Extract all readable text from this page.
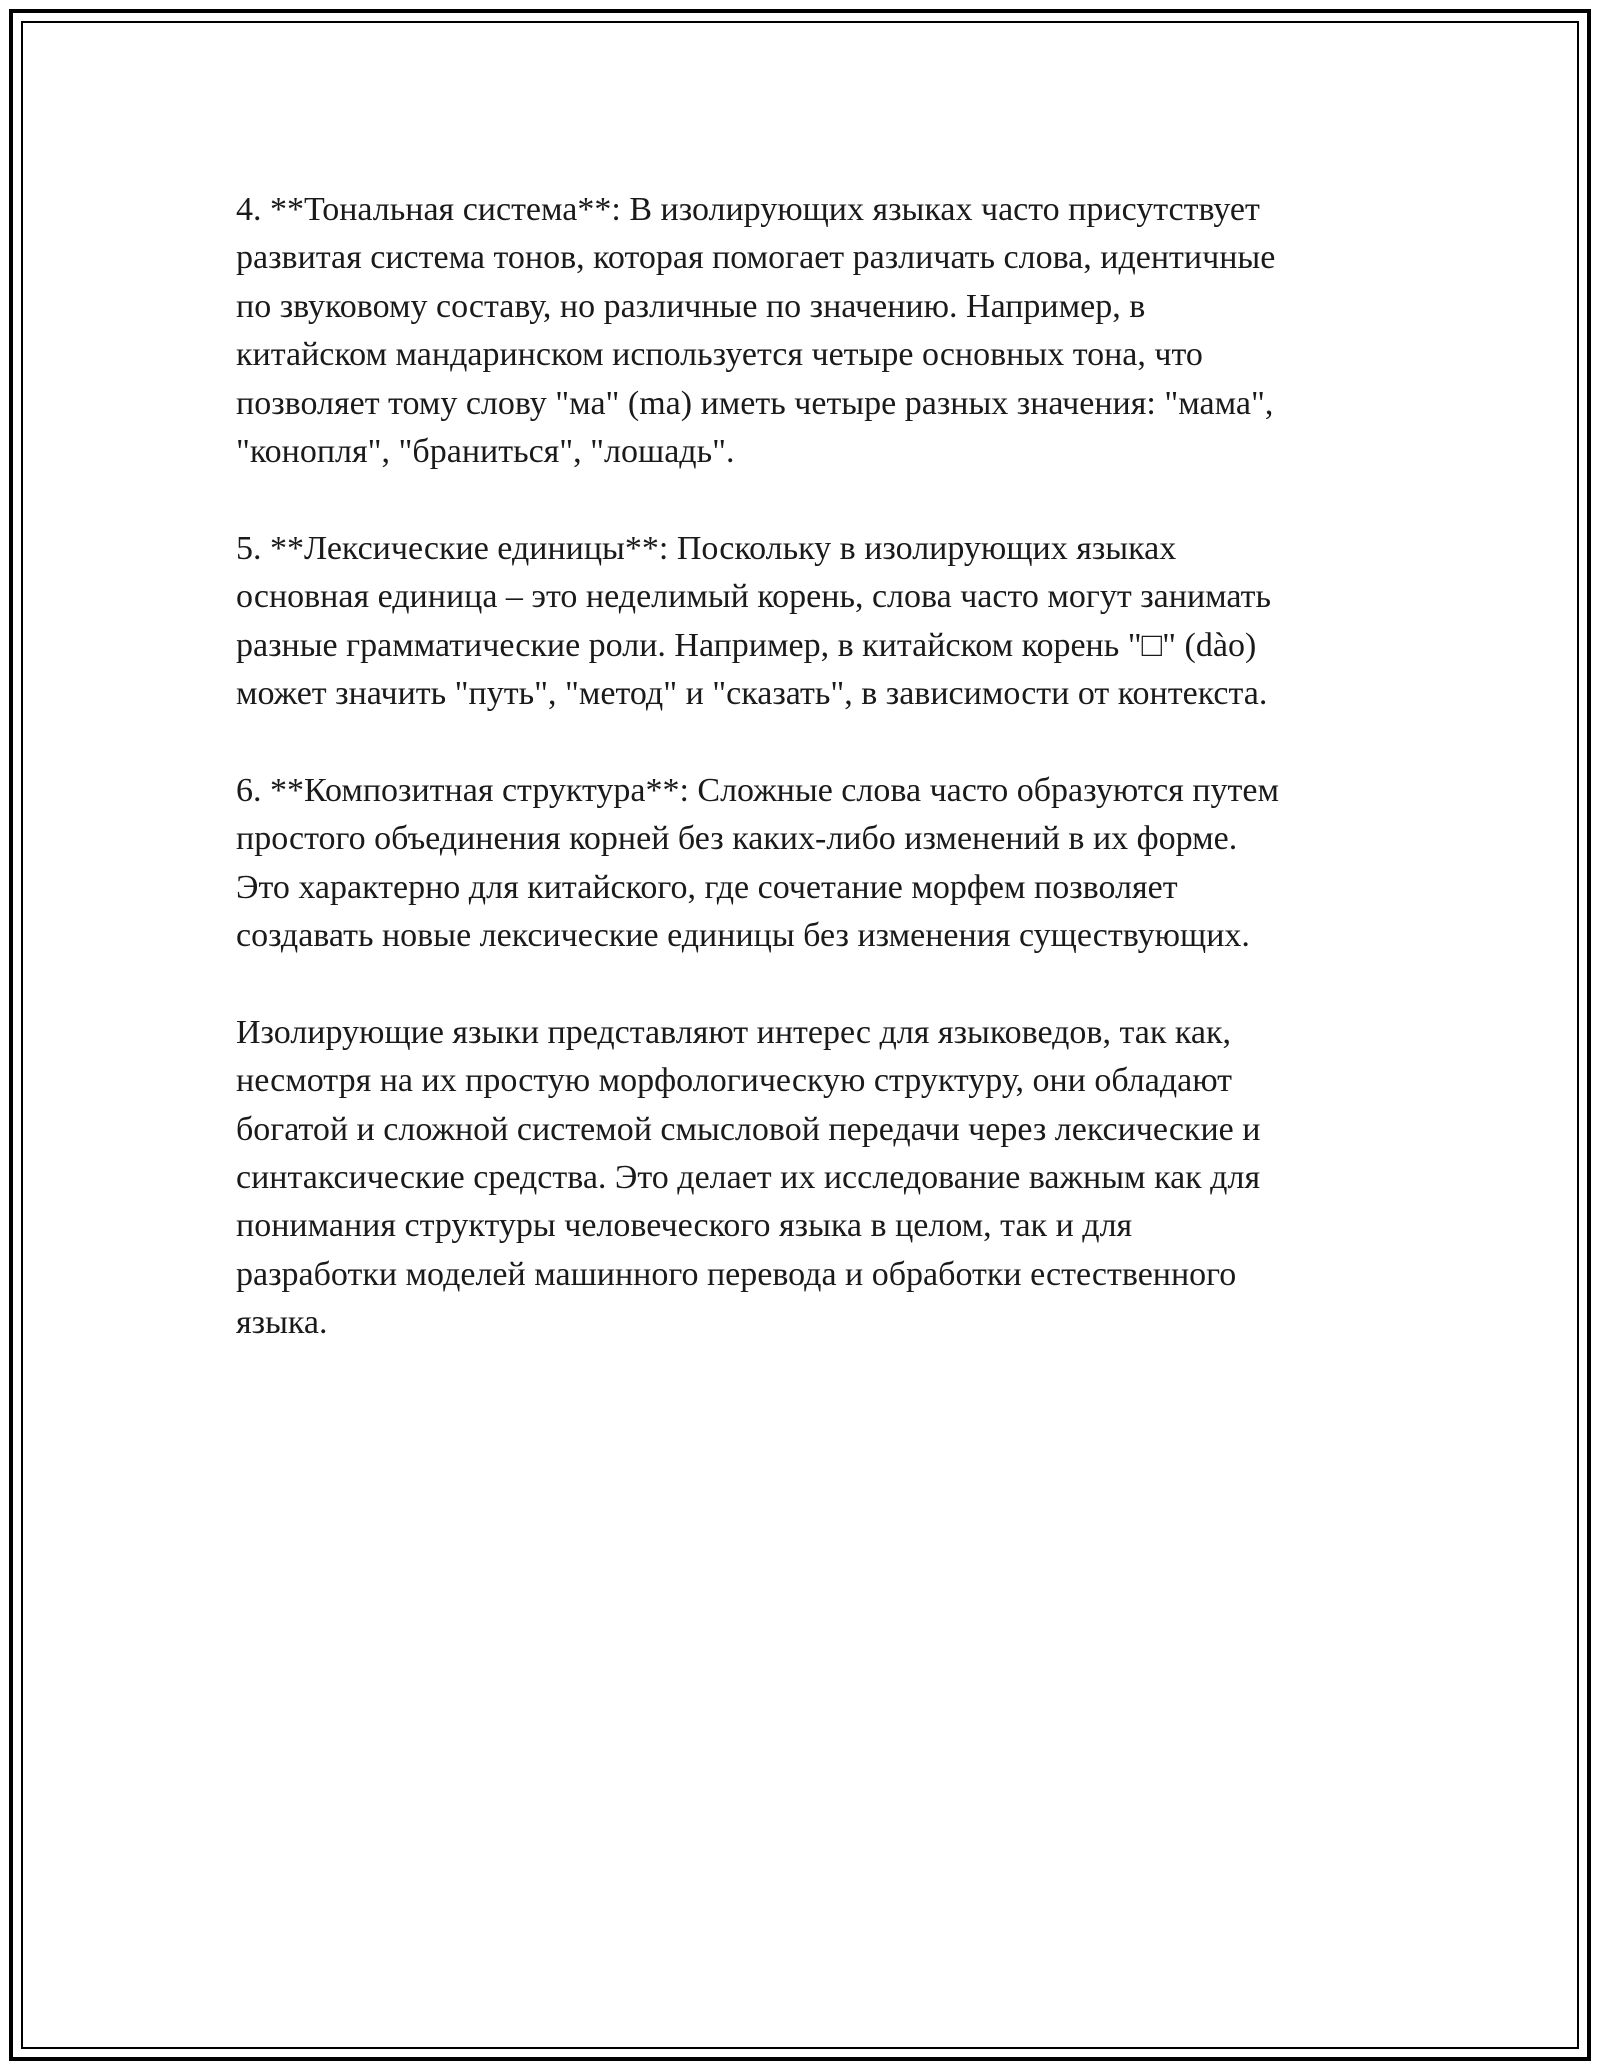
4. **Тональная система**: В изолирующих языках часто присутствует
развитая система тонов, которая помогает различать слова, идентичные
по звуковому составу, но различные по значению. Например, в
китайском мандаринском используется четыре основных тона, что
позволяет тому слову "ма" (ma) иметь четыре разных значения: "мама",
"конопля", "браниться", "лошадь".

5. **Лексические единицы**: Поскольку в изолирующих языках
основная единица – это неделимый корень, слова часто могут занимать
разные грамматические роли. Например, в китайском корень "□" (dào)
может значить "путь", "метод" и "сказать", в зависимости от контекста.

6. **Композитная структура**: Сложные слова часто образуются путем
простого объединения корней без каких-либо изменений в их форме.
Это характерно для китайского, где сочетание морфем позволяет
создавать новые лексические единицы без изменения существующих.

Изолирующие языки представляют интерес для языковедов, так как,
несмотря на их простую морфологическую структуру, они обладают
богатой и сложной системой смысловой передачи через лексические и
синтаксические средства. Это делает их исследование важным как для
понимания структуры человеческого языка в целом, так и для
разработки моделей машинного перевода и обработки естественного
языка.
